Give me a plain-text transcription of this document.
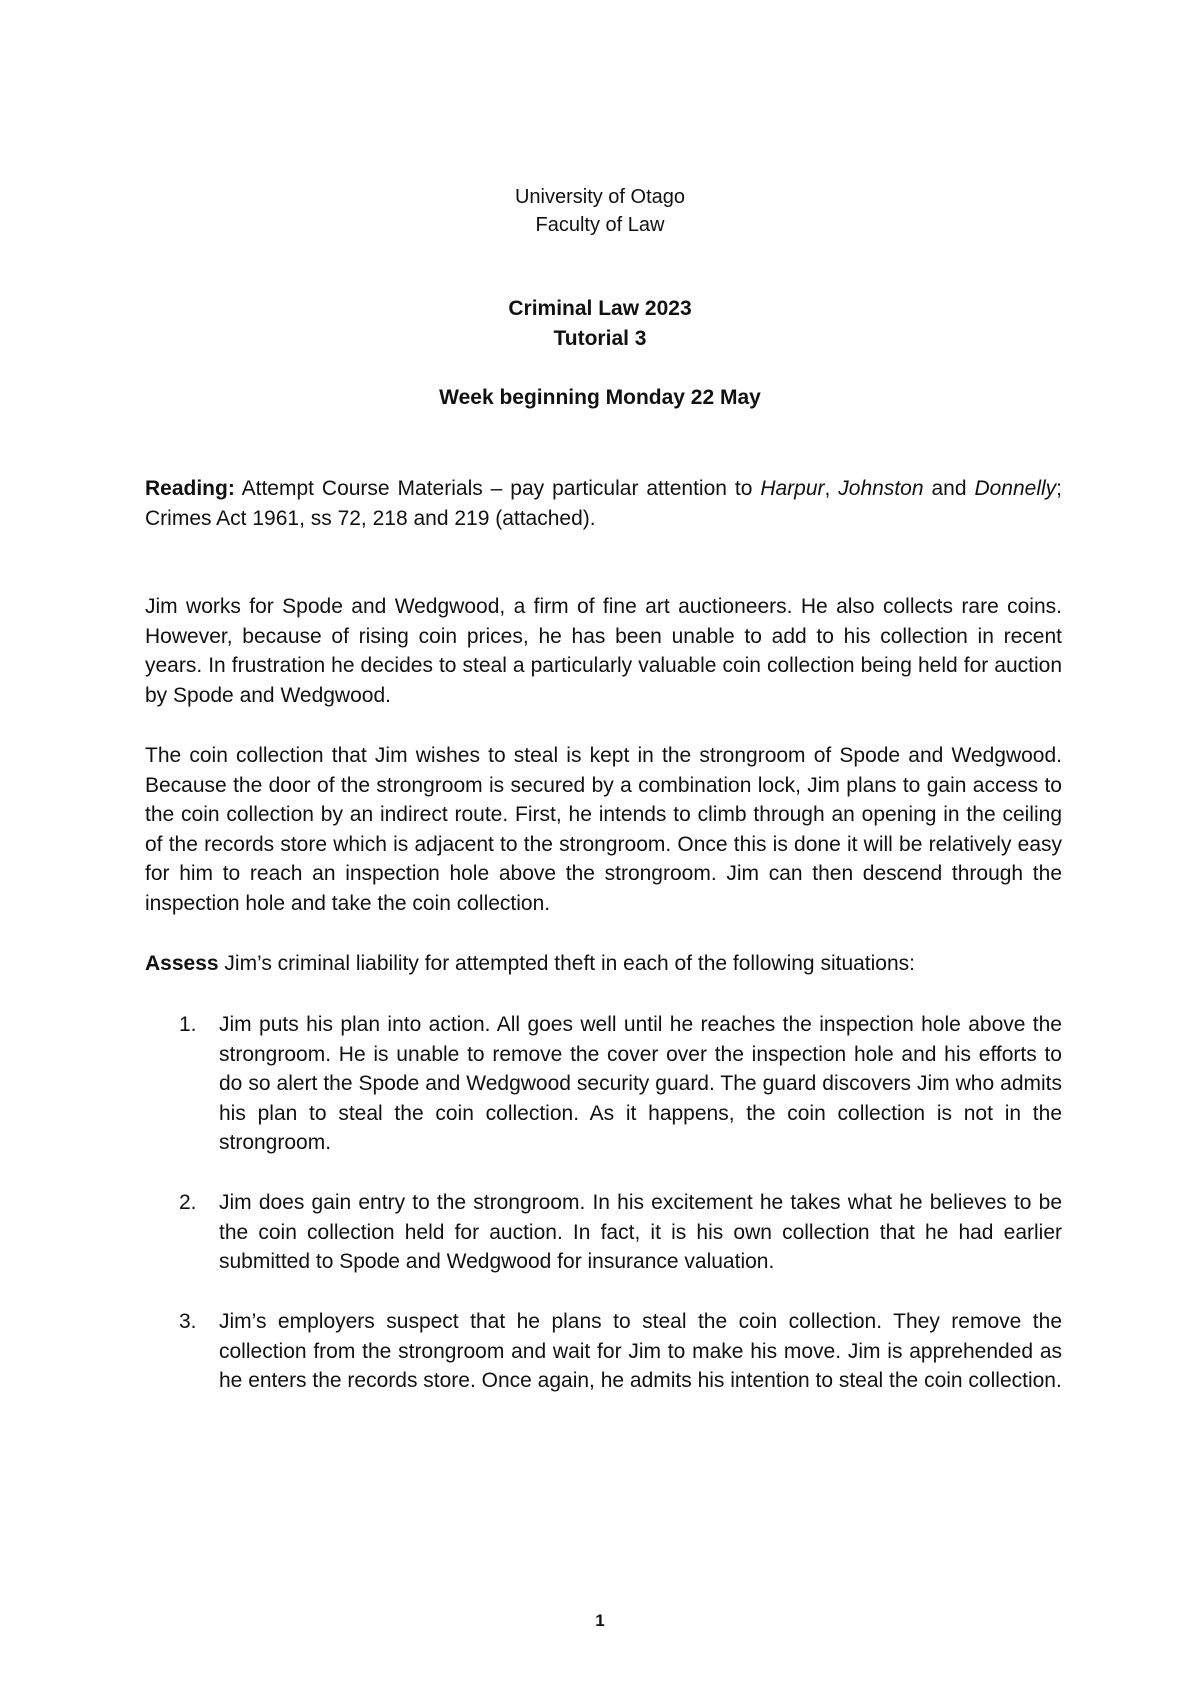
University of Otago
Faculty of Law
Criminal Law 2023
Tutorial 3
Week beginning Monday 22 May
Reading: Attempt Course Materials – pay particular attention to Harpur, Johnston and Donnelly; Crimes Act 1961, ss 72, 218 and 219 (attached).
Jim works for Spode and Wedgwood, a firm of fine art auctioneers. He also collects rare coins. However, because of rising coin prices, he has been unable to add to his collection in recent years. In frustration he decides to steal a particularly valuable coin collection being held for auction by Spode and Wedgwood.
The coin collection that Jim wishes to steal is kept in the strongroom of Spode and Wedgwood. Because the door of the strongroom is secured by a combination lock, Jim plans to gain access to the coin collection by an indirect route. First, he intends to climb through an opening in the ceiling of the records store which is adjacent to the strongroom. Once this is done it will be relatively easy for him to reach an inspection hole above the strongroom. Jim can then descend through the inspection hole and take the coin collection.
Assess Jim’s criminal liability for attempted theft in each of the following situations:
1. Jim puts his plan into action. All goes well until he reaches the inspection hole above the strongroom. He is unable to remove the cover over the inspection hole and his efforts to do so alert the Spode and Wedgwood security guard. The guard discovers Jim who admits his plan to steal the coin collection. As it happens, the coin collection is not in the strongroom.
2. Jim does gain entry to the strongroom. In his excitement he takes what he believes to be the coin collection held for auction. In fact, it is his own collection that he had earlier submitted to Spode and Wedgwood for insurance valuation.
3. Jim’s employers suspect that he plans to steal the coin collection. They remove the collection from the strongroom and wait for Jim to make his move. Jim is apprehended as he enters the records store. Once again, he admits his intention to steal the coin collection.
1
